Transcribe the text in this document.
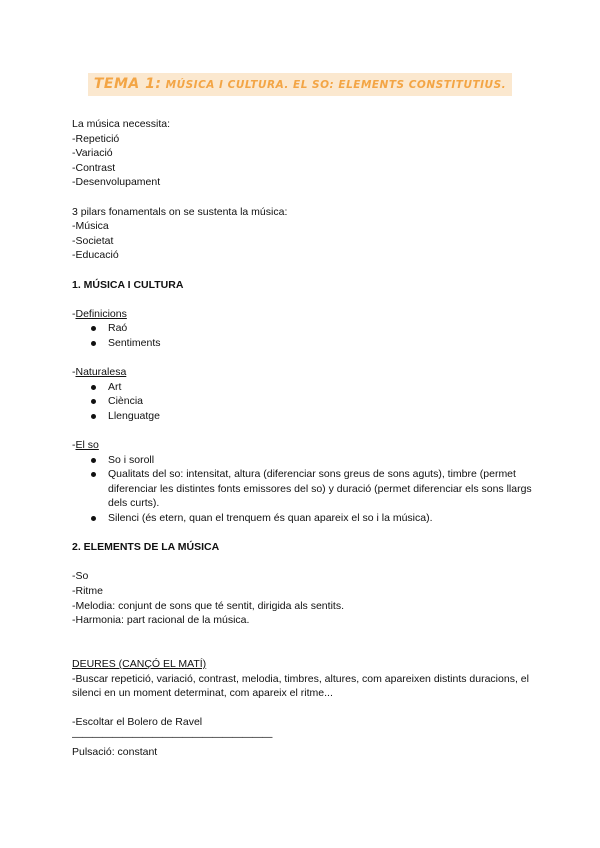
TEMA 1: MÚSICA I CULTURA. EL SO: ELEMENTS CONSTITUTIUS.

La música necessita:

-Repetició

-Variació

-Contrast

-Desenvolupament

3 pilars fonamentals on se sustenta la música:

-Música

-Societat

-Educació

1. MÚSICA I CULTURA

-Definicions

Raó
Sentiments

-Naturalesa

Art
Ciència
Llenguatge

-El so

So i soroll
Qualitats del so: intensitat, altura (diferenciar sons greus de sons aguts), timbre (permet diferenciar les distintes fonts emissores del so) y duració (permet diferenciar els sons llargs dels curts).
Silenci (és etern, quan el trenquem és quan apareix el so i la música).

2. ELEMENTS DE LA MÚSICA

-So

-Ritme

-Melodia: conjunt de sons que té sentit, dirigida als sentits.

-Harmonia: part racional de la música.

DEURES (CANÇÓ EL MATÍ)

-Buscar repetició, variació, contrast, melodia, timbres, altures, com apareixen distints duracions, el silenci en un moment determinat, com apareix el ritme...

-Escoltar el Bolero de Ravel

————————————————————

Pulsació: constant
